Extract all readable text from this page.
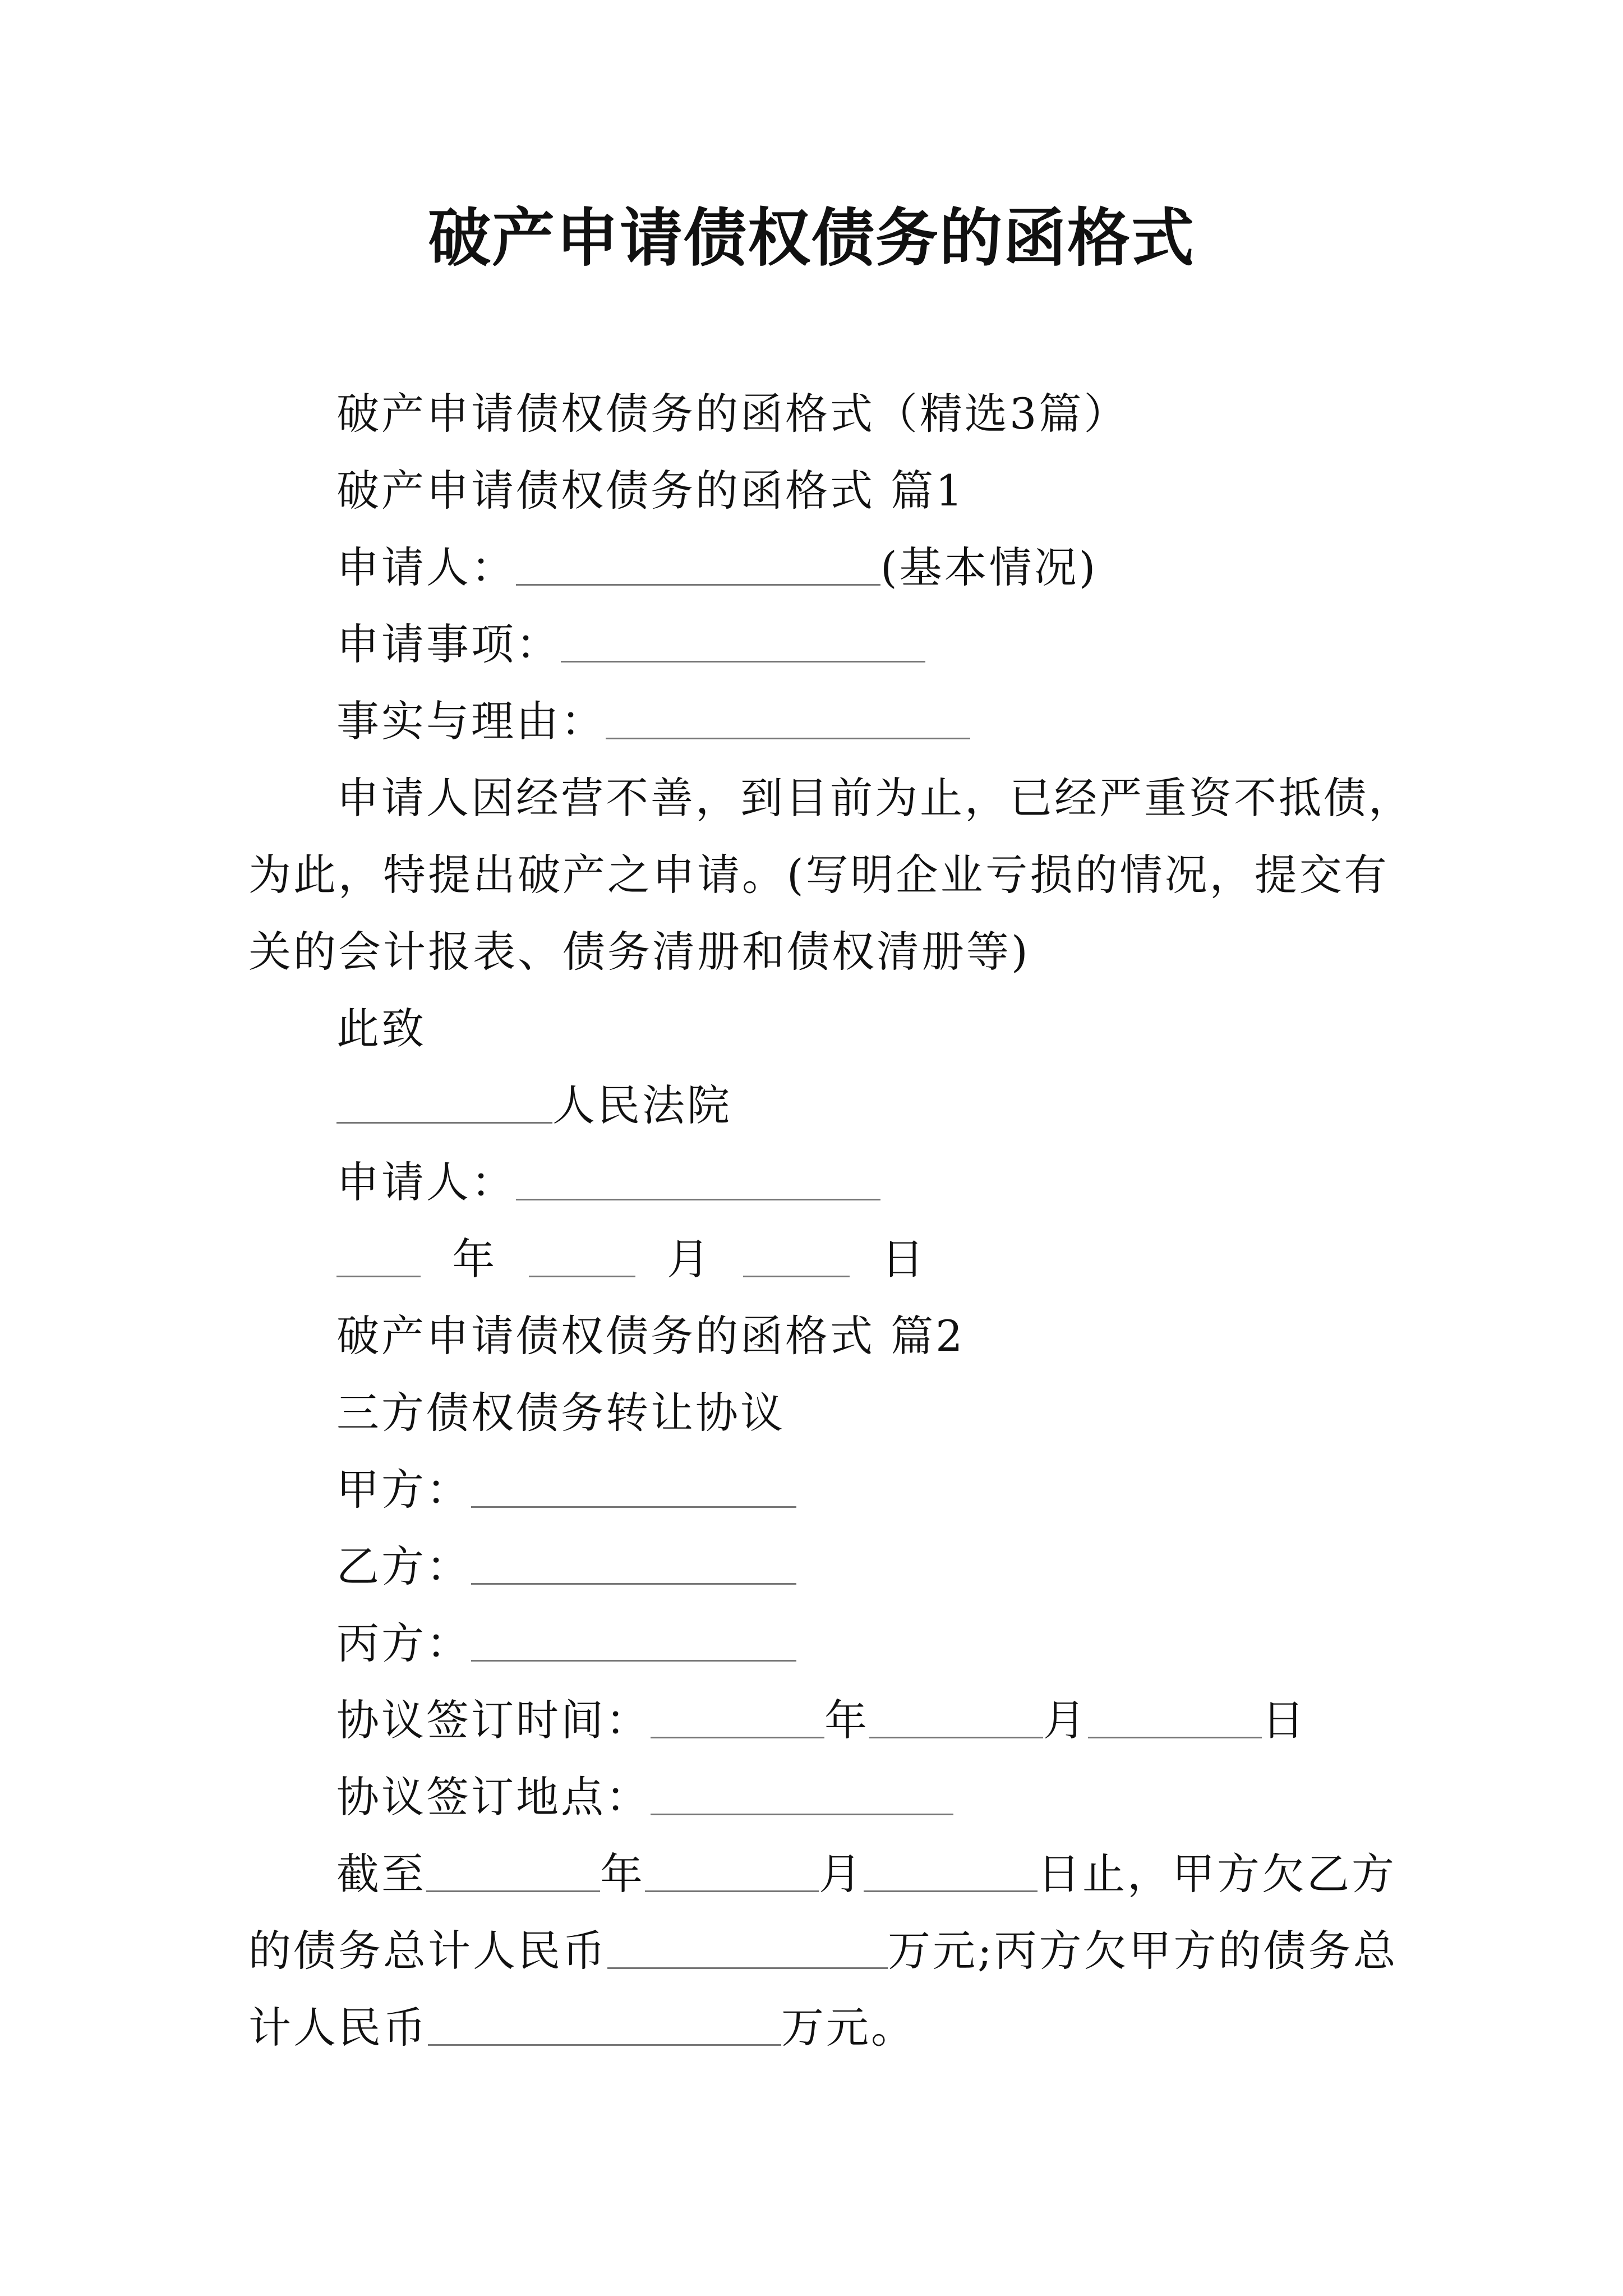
破产申请债权债务的函格式
破产申请债权债务的函格式（精选3篇）
破产申请债权债务的函格式 篇1
申请人：	(基本情况)
申请事项：
事实与理由：
申请人因经营不善，到目前为止，已经严重资不抵债，
为此，特提出破产之申请。(写明企业亏损的情况，提交有
关的会计报表、债务清册和债权清册等)
此致
人民法院
申请人：
年	月	日
破产申请债权债务的函格式 篇2
三方债权债务转让协议
甲方：
乙方：
丙方：
协议签订时间：	年	月	日
协议签订地点：
截至	年	月	日止，甲方欠乙方
的债务总计人民币	万元;丙方欠甲方的债务总
计人民币	万元。
